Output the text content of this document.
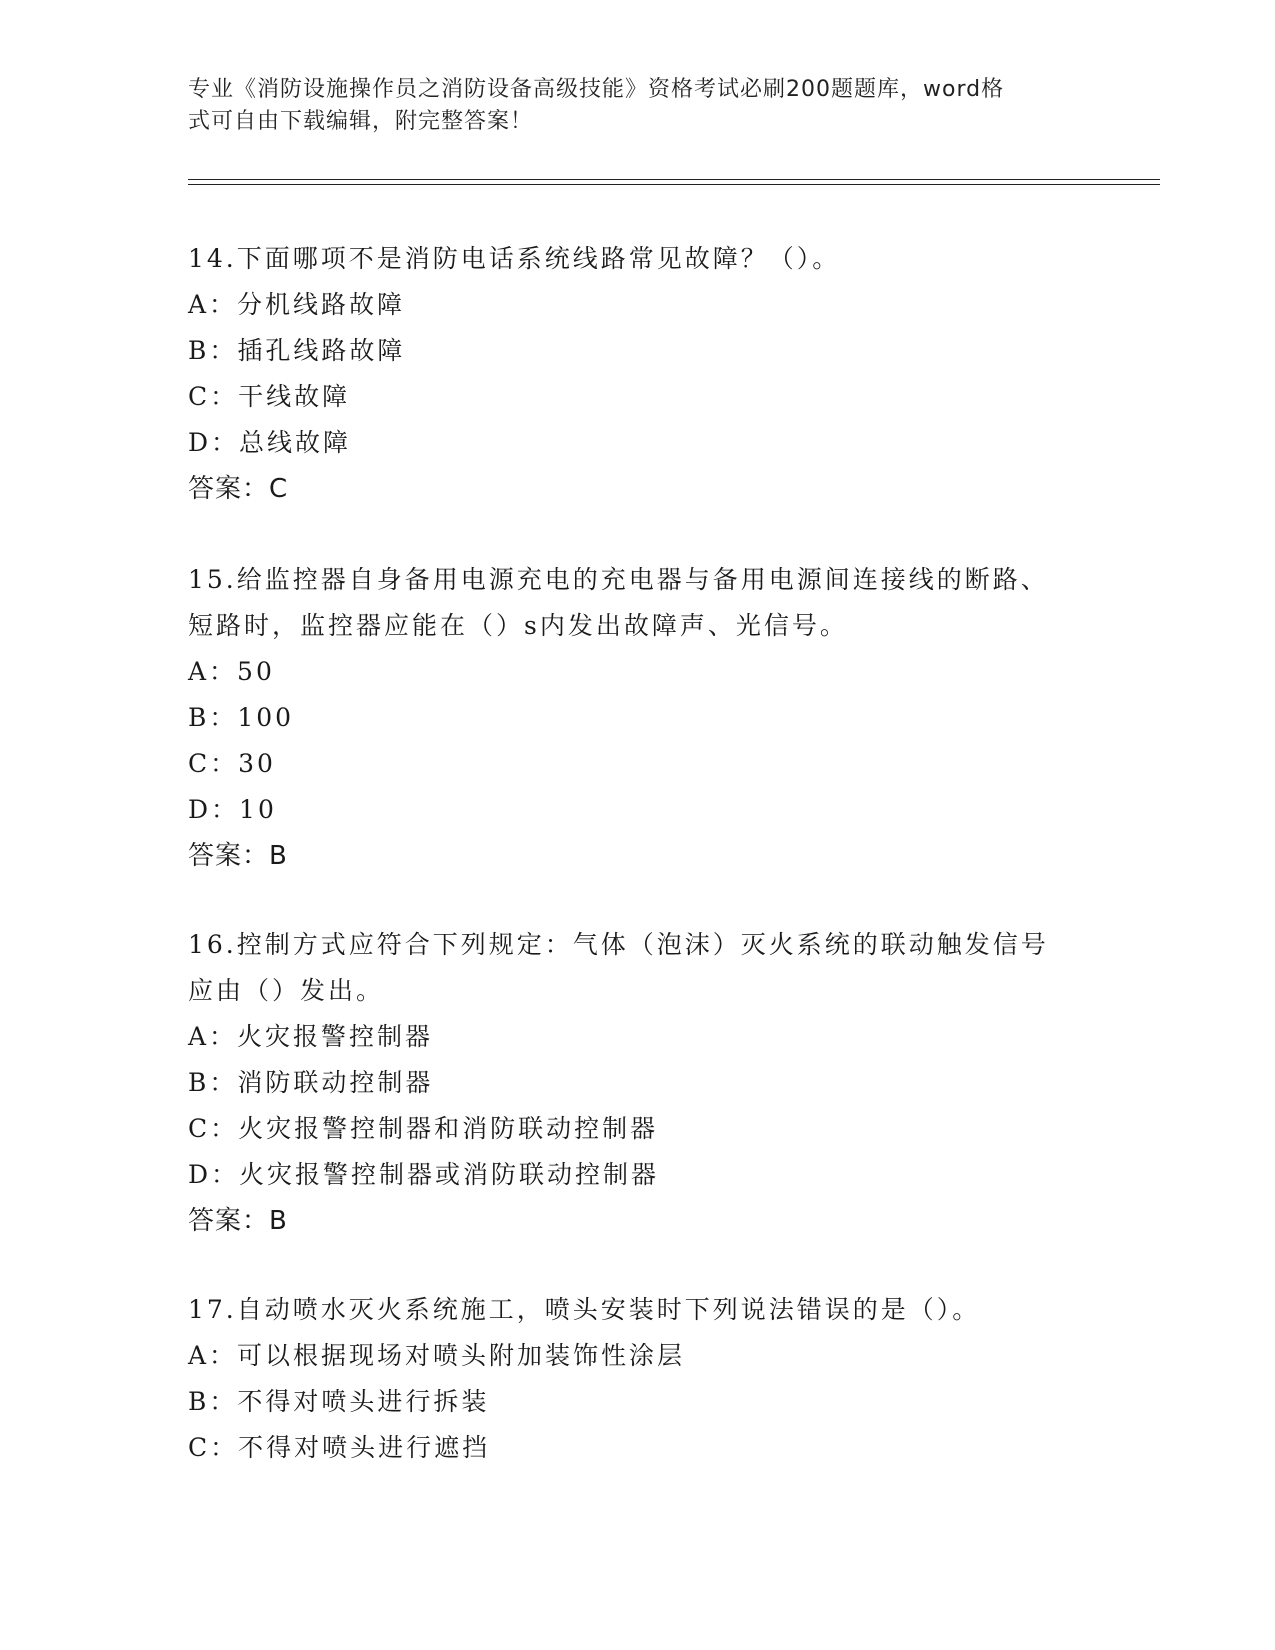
专业《消防设施操作员之消防设备高级技能》资格考试必刷200题题库，word格
式可自由下载编辑，附完整答案！

14.下面哪项不是消防电话系统线路常见故障？（）。

A：分机线路故障

B：插孔线路故障

C：干线故障

D：总线故障

答案：C

15.给监控器自身备用电源充电的充电器与备用电源间连接线的断路、

短路时，监控器应能在（）s内发出故障声、光信号。

A：50

B：100

C：30

D：10

答案：B

16.控制方式应符合下列规定：气体（泡沫）灭火系统的联动触发信号

应由（）发出。

A：火灾报警控制器

B：消防联动控制器

C：火灾报警控制器和消防联动控制器

D：火灾报警控制器或消防联动控制器

答案：B

17.自动喷水灭火系统施工，喷头安装时下列说法错误的是（）。

A：可以根据现场对喷头附加装饰性涂层

B：不得对喷头进行拆装

C：不得对喷头进行遮挡
